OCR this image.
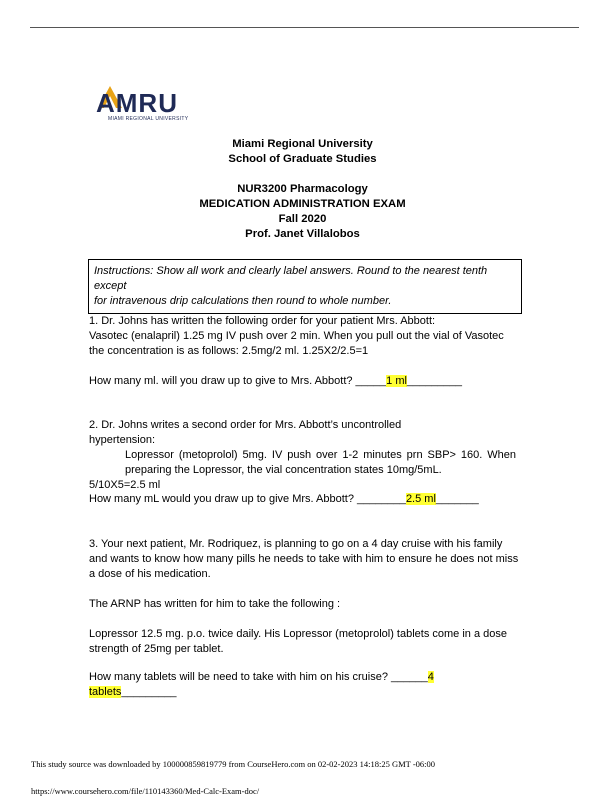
AMRU
MIAMI REGIONAL UNIVERSITY
Miami Regional University
School of Graduate Studies
NUR3200 Pharmacology
MEDICATION ADMINISTRATION EXAM
Fall 2020
Prof. Janet Villalobos
Instructions: Show all work and clearly label answers. Round to the nearest tenth except
for intravenous drip calculations then round to whole number.
1. Dr. Johns has written the following order for your patient Mrs. Abbott:
Vasotec (enalapril) 1.25 mg IV push over 2 min. When you pull out the vial of Vasotec
the concentration is as follows: 2.5mg/2 ml. 1.25X2/2.5=1
How many ml. will you draw up to give to Mrs. Abbott? _____1 ml_________
2. Dr. Johns writes a second order for Mrs. Abbott’s uncontrolled
hypertension:
Lopressor (metoprolol) 5mg. IV push over 1-2 minutes prn SBP> 160. When
preparing the Lopressor, the vial concentration states 10mg/5mL.
5/10X5=2.5 ml
How many mL would you draw up to give Mrs. Abbott? ________2.5 ml_______
3. Your next patient, Mr. Rodriquez, is planning to go on a 4 day cruise with his family
and wants to know how many pills he needs to take with him to ensure he does not miss
a dose of his medication.
The ARNP has written for him to take the following :
Lopressor 12.5 mg. p.o. twice daily. His Lopressor (metoprolol) tablets come in a dose
strength of 25mg per tablet.
How many tablets will be need to take with him on his cruise? ______4
tablets_________
This study source was downloaded by 100000859819779 from CourseHero.com on 02-02-2023 14:18:25 GMT -06:00
https://www.coursehero.com/file/110143360/Med-Calc-Exam-doc/
